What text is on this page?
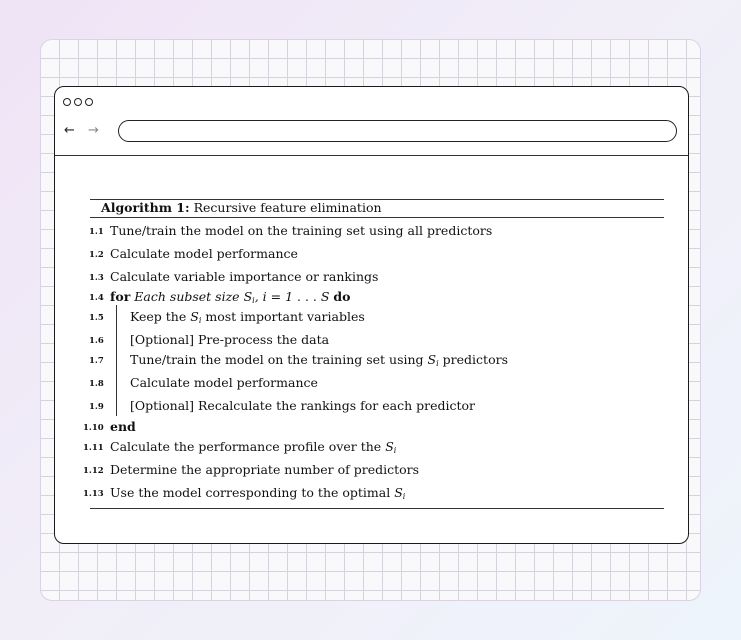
← →
Algorithm 1: Recursive feature elimination
1.1 Tune/train the model on the training set using all predictors
1.2 Calculate model performance
1.3 Calculate variable importance or rankings
1.4 for Each subset size $S_i$, i = 1 . . . S do
1.5 Keep the $S_i$ most important variables
1.6 [Optional] Pre-process the data
1.7 Tune/train the model on the training set using $S_i$ predictors
1.8 Calculate model performance
1.9 [Optional] Recalculate the rankings for each predictor
1.10 end
1.11 Calculate the performance profile over the $S_i$
1.12 Determine the appropriate number of predictors
1.13 Use the model corresponding to the optimal $S_i$
